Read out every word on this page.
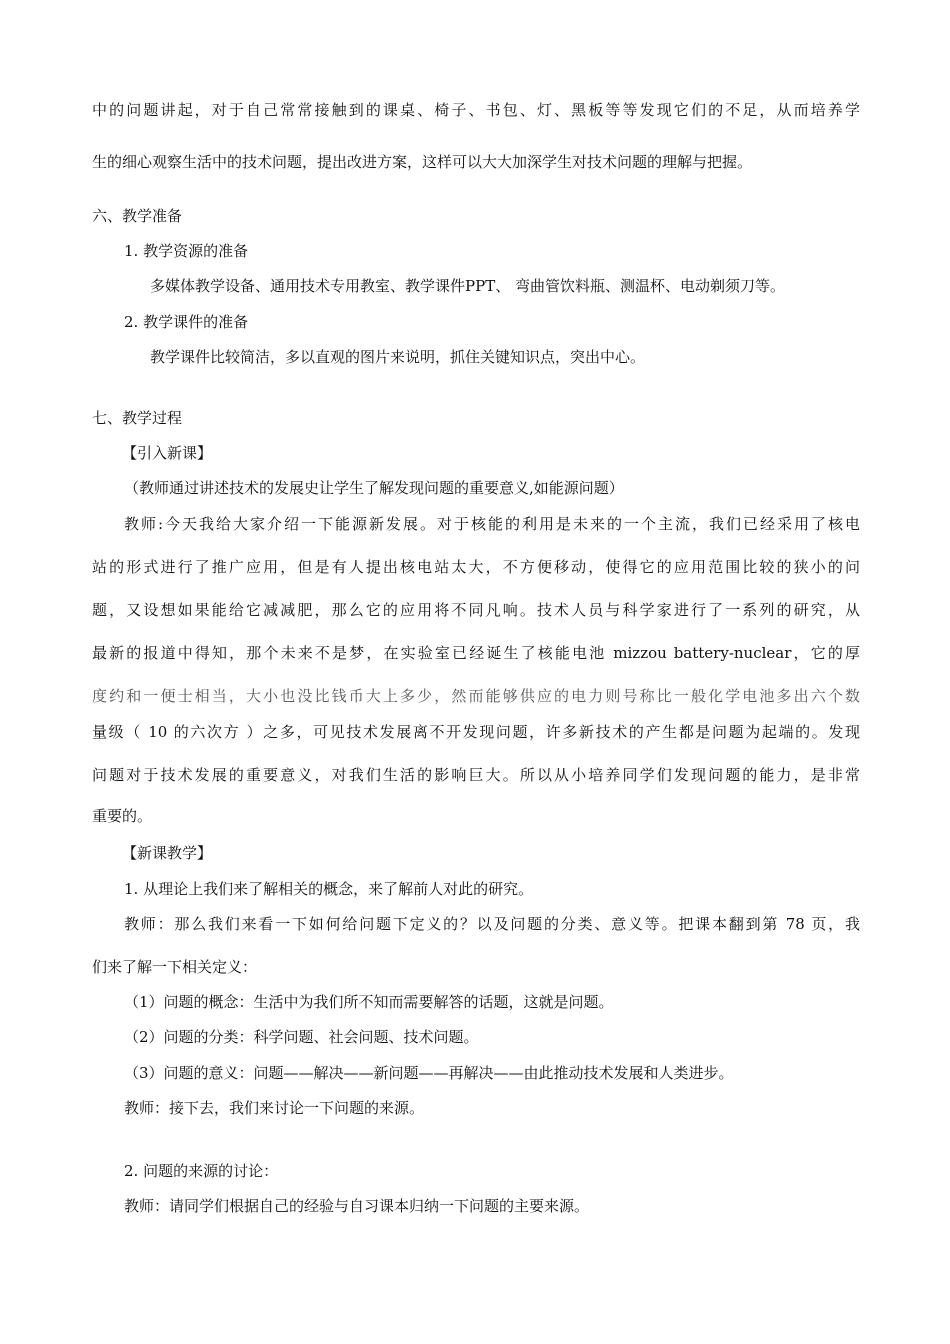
中的问题讲起，对于自己常常接触到的课桌、椅子、书包、灯、黑板等等发现它们的不足，从而培养学
生的细心观察生活中的技术问题，提出改进方案，这样可以大大加深学生对技术问题的理解与把握。
六、教学准备
1. 教学资源的准备
多媒体教学设备、通用技术专用教室、教学课件PPT、 弯曲管饮料瓶、测温杯、电动剃须刀等。
2. 教学课件的准备
教学课件比较简洁，多以直观的图片来说明，抓住关键知识点，突出中心。
七、教学过程
【引入新课】
（教师通过讲述技术的发展史让学生了解发现问题的重要意义,如能源问题）
教师:今天我给大家介绍一下能源新发展。对于核能的利用是未来的一个主流，我们已经采用了核电
站的形式进行了推广应用，但是有人提出核电站太大，不方便移动，使得它的应用范围比较的狭小的问
题，又设想如果能给它减减肥，那么它的应用将不同凡响。技术人员与科学家进行了一系列的研究，从
最新的报道中得知，那个未来不是梦，在实验室已经诞生了核能电池 mizzou battery-nuclear，它的厚
度约和一便士相当，大小也没比钱币大上多少，然而能够供应的电力则号称比一般化学电池多出六个数
量级（ 10 的六次方 ）之多，可见技术发展离不开发现问题，许多新技术的产生都是问题为起端的。发现
问题对于技术发展的重要意义，对我们生活的影响巨大。所以从小培养同学们发现问题的能力，是非常
重要的。
【新课教学】
1. 从理论上我们来了解相关的概念，来了解前人对此的研究。
教师：那么我们来看一下如何给问题下定义的？以及问题的分类、意义等。把课本翻到第 78 页，我
们来了解一下相关定义：
（1）问题的概念：生活中为我们所不知而需要解答的话题，这就是问题。
（2）问题的分类：科学问题、社会问题、技术问题。
（3）问题的意义：问题——解决——新问题——再解决——由此推动技术发展和人类进步。
教师：接下去，我们来讨论一下问题的来源。
2. 问题的来源的讨论：
教师：请同学们根据自己的经验与自习课本归纳一下问题的主要来源。
